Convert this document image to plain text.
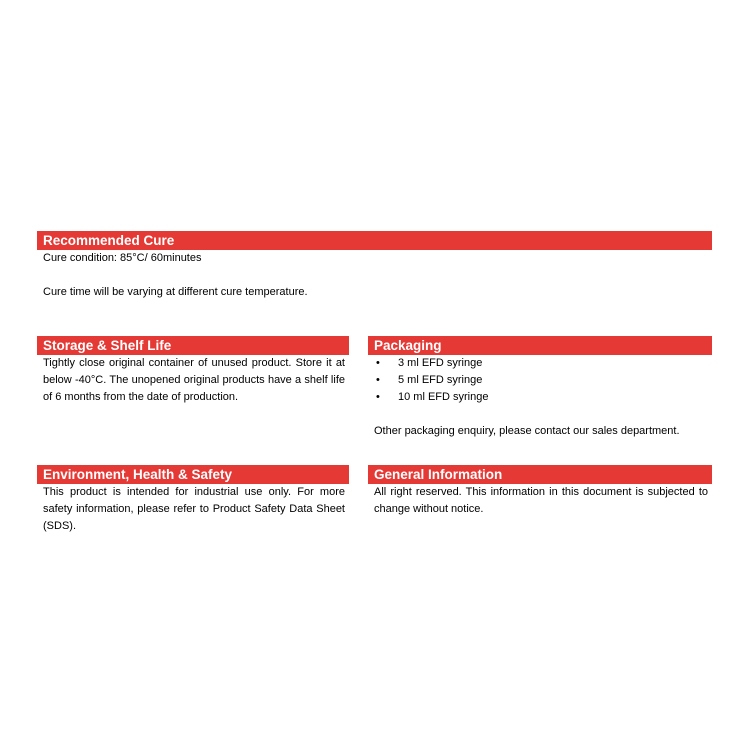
Recommended Cure
Cure condition: 85°C/ 60minutes
Cure time will be varying at different cure temperature.
Storage & Shelf Life
Tightly close original container of unused product. Store it at below -40°C. The unopened original products have a shelf life of 6 months from the date of production.
Packaging
• 3 ml EFD syringe
• 5 ml EFD syringe
• 10 ml EFD syringe
Other packaging enquiry, please contact our sales department.
Environment, Health & Safety
This product is intended for industrial use only. For more safety information, please refer to Product Safety Data Sheet (SDS).
General Information
All right reserved. This information in this document is subjected to change without notice.
